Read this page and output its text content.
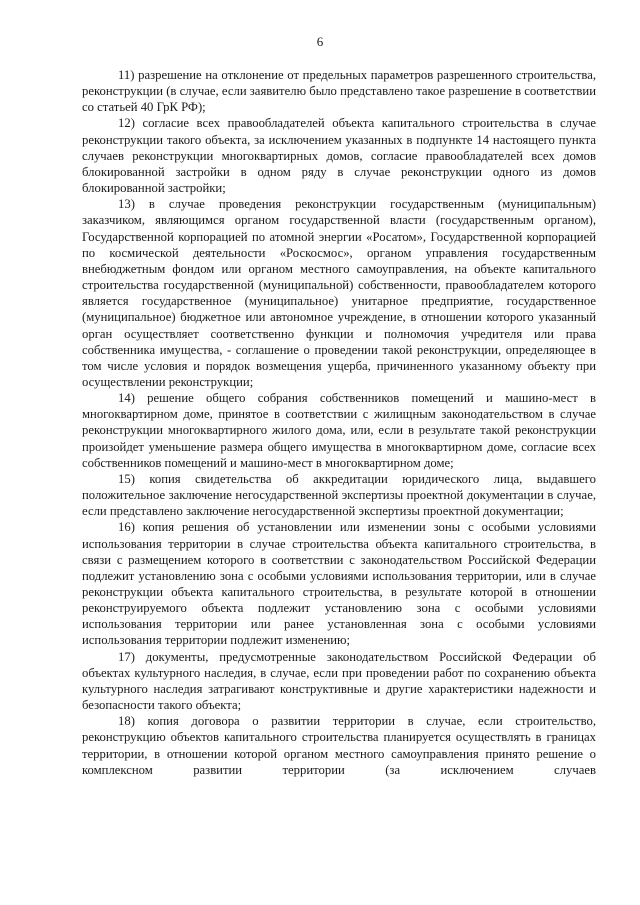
6

11) разрешение на отклонение от предельных параметров разрешенного строительства, реконструкции (в случае, если заявителю было представлено такое разрешение в соответствии со статьей 40 ГрК РФ);

12) согласие всех правообладателей объекта капитального строительства в случае реконструкции такого объекта, за исключением указанных в подпункте 14 настоящего пункта случаев реконструкции многоквартирных домов, согласие правообладателей всех домов блокированной застройки в одном ряду в случае реконструкции одного из домов блокированной застройки;

13) в случае проведения реконструкции государственным (муниципальным) заказчиком, являющимся органом государственной власти (государственным органом), Государственной корпорацией по атомной энергии «Росатом», Государственной корпорацией по космической деятельности «Роскосмос», органом управления государственным внебюджетным фондом или органом местного самоуправления, на объекте капитального строительства государственной (муниципальной) собственности, правообладателем которого является государственное (муниципальное) унитарное предприятие, государственное (муниципальное) бюджетное или автономное учреждение, в отношении которого указанный орган осуществляет соответственно функции и полномочия учредителя или права собственника имущества, - соглашение о проведении такой реконструкции, определяющее в том числе условия и порядок возмещения ущерба, причиненного указанному объекту при осуществлении реконструкции;

14) решение общего собрания собственников помещений и машино-мест в многоквартирном доме, принятое в соответствии с жилищным законодательством в случае реконструкции многоквартирного жилого дома, или, если в результате такой реконструкции произойдет уменьшение размера общего имущества в многоквартирном доме, согласие всех собственников помещений и машино-мест в многоквартирном доме;

15) копия свидетельства об аккредитации юридического лица, выдавшего положительное заключение негосударственной экспертизы проектной документации в случае, если представлено заключение негосударственной экспертизы проектной документации;

16) копия решения об установлении или изменении зоны с особыми условиями использования территории в случае строительства объекта капитального строительства, в связи с размещением которого в соответствии с законодательством Российской Федерации подлежит установлению зона с особыми условиями использования территории, или в случае реконструкции объекта капитального строительства, в результате которой в отношении реконструируемого объекта подлежит установлению зона с особыми условиями использования территории или ранее установленная зона с особыми условиями использования территории подлежит изменению;

17) документы, предусмотренные законодательством Российской Федерации об объектах культурного наследия, в случае, если при проведении работ по сохранению объекта культурного наследия затрагивают конструктивные и другие характеристики надежности и безопасности такого объекта;

18) копия договора о развитии территории в случае, если строительство, реконструкцию объектов капитального строительства планируется осуществлять в границах территории, в отношении которой органом местного самоуправления принято решение о комплексном развитии территории (за исключением случаев
